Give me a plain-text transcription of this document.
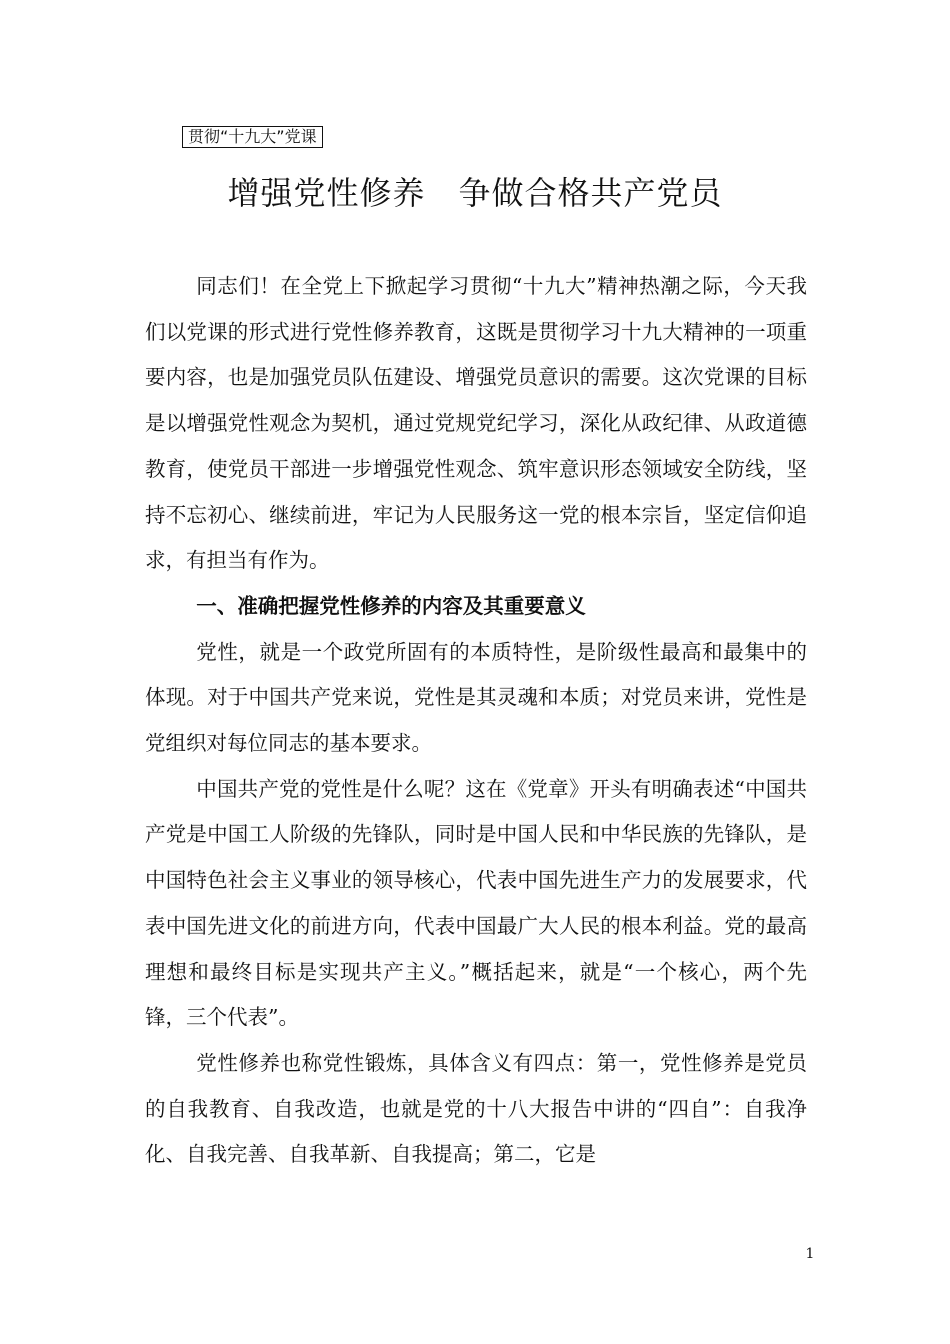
贯彻“十九大”党课
增强党性修养　争做合格共产党员

同志们！在全党上下掀起学习贯彻“十九大”精神热潮之际，今天我们以党课的形式进行党性修养教育，这既是贯彻学习十九大精神的一项重要内容，也是加强党员队伍建设、增强党员意识的需要。这次党课的目标是以增强党性观念为契机，通过党规党纪学习，深化从政纪律、从政道德教育，使党员干部进一步增强党性观念、筑牢意识形态领域安全防线，坚持不忘初心、继续前进，牢记为人民服务这一党的根本宗旨，坚定信仰追求，有担当有作为。

一、准确把握党性修养的内容及其重要意义

党性，就是一个政党所固有的本质特性，是阶级性最高和最集中的体现。对于中国共产党来说，党性是其灵魂和本质；对党员来讲，党性是党组织对每位同志的基本要求。

中国共产党的党性是什么呢？这在《党章》开头有明确表述“中国共产党是中国工人阶级的先锋队，同时是中国人民和中华民族的先锋队，是中国特色社会主义事业的领导核心，代表中国先进生产力的发展要求，代表中国先进文化的前进方向，代表中国最广大人民的根本利益。党的最高理想和最终目标是实现共产主义。”概括起来，就是“一个核心，两个先锋，三个代表”。

党性修养也称党性锻炼，具体含义有四点：第一，党性修养是党员的自我教育、自我改造，也就是党的十八大报告中讲的“四自”：自我净化、自我完善、自我革新、自我提高；第二，它是

1
